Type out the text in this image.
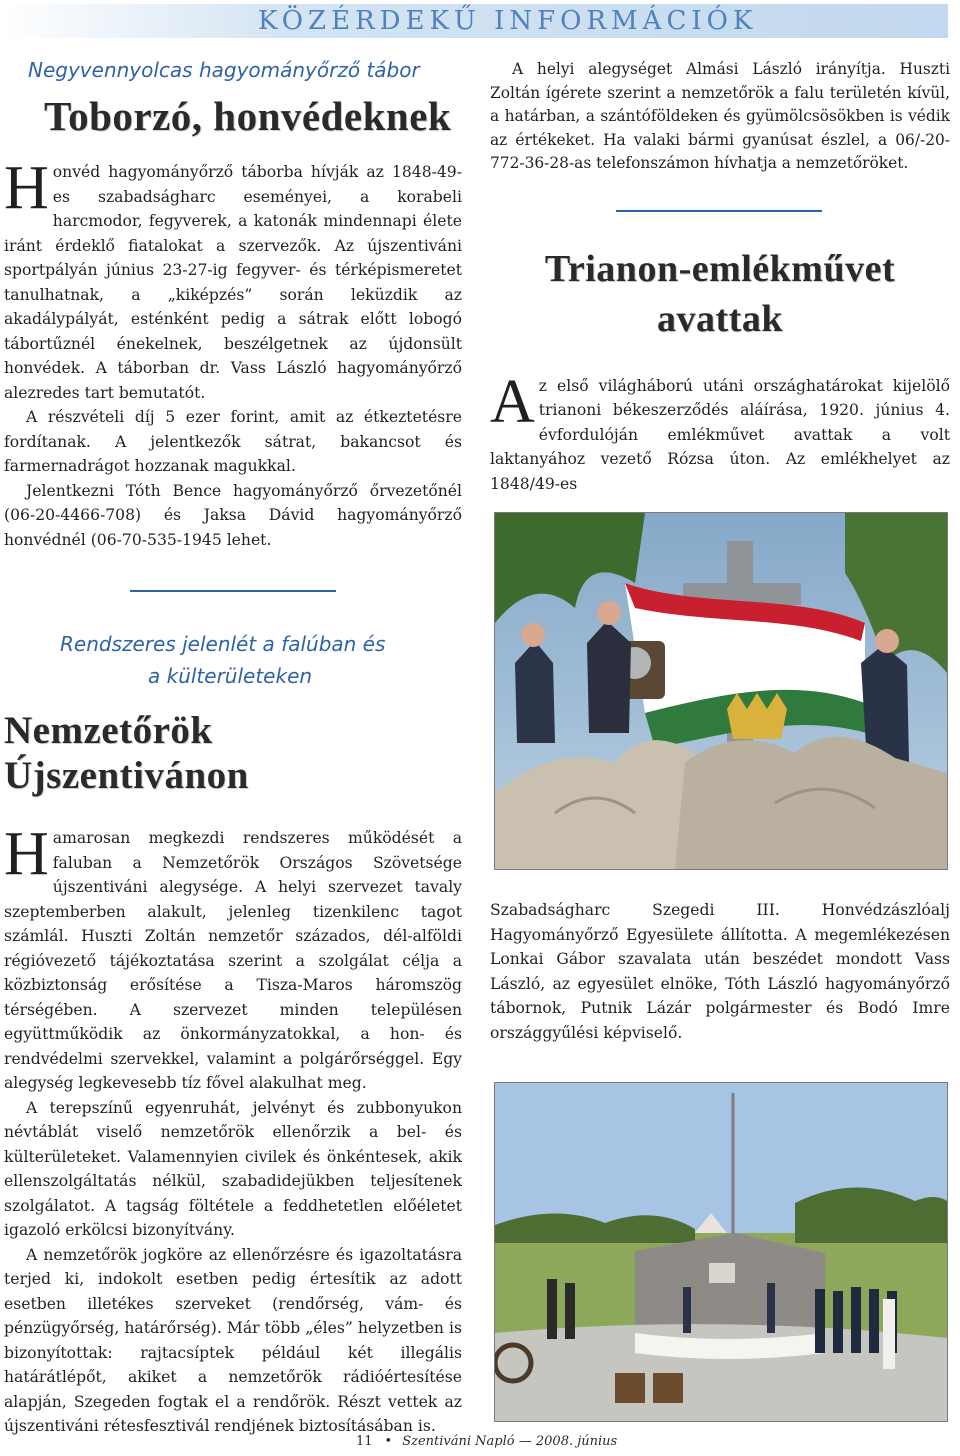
KÖZÉRDEKŰ INFORMÁCIÓK
Negyvennyolcas hagyományőrző tábor
Toborzó, honvédeknek

Honvéd hagyományőrző táborba hívják az 1848-49-es szabadságharc eseményei, a korabeli harcmodor, fegyverek, a katonák mindennapi élete iránt érdeklő fiatalokat a szervezők. Az újszentiváni sportpályán június 23-27-ig fegyver- és térképismeretet tanulhatnak, a „kiképzés” során leküzdik az akadálypályát, esténként pedig a sátrak előtt lobogó tábortűznél énekelnek, beszélgetnek az újdonsült honvédek. A táborban dr. Vass László hagyományőrző alezredes tart bemutatót.

A részvételi díj 5 ezer forint, amit az étkeztetésre fordítanak. A jelentkezők sátrat, bakancsot és farmernadrágot hozzanak magukkal.

Jelentkezni Tóth Bence hagyományőrző őrvezetőnél (06-20-4466-708) és Jaksa Dávid hagyományőrző honvédnél (06-70-535-1945 lehet.

Rendszeres jelenlét a falúban és
a külterületeken
Nemzetőrök Újszentivánon

Hamarosan megkezdi rendszeres működését a faluban a Nemzetőrök Országos Szövetsége újszentiváni alegysége. A helyi szervezet tavaly szeptemberben alakult, jelenleg tizenkilenc tagot számlál. Huszti Zoltán nemzetőr százados, dél-alföldi régióvezető tájékoztatása szerint a szolgálat célja a közbiztonság erősítése a Tisza-Maros háromszög térségében. A szervezet minden településen együttműködik az önkormányzatokkal, a hon- és rendvédelmi szervekkel, valamint a polgárőrséggel. Egy alegység legkevesebb tíz fővel alakulhat meg.

A terepszínű egyenruhát, jelvényt és zubbonyukon névtáblát viselő nemzetőrök ellenőrzik a bel- és külterületeket. Valamennyien civilek és önkéntesek, akik ellenszolgáltatás nélkül, szabadidejükben teljesítenek szolgálatot. A tagság föltétele a feddhetetlen előéletet igazoló erkölcsi bizonyítvány.

A nemzetőrök jogköre az ellenőrzésre és igazoltatásra terjed ki, indokolt esetben pedig értesítik az adott esetben illetékes szerveket (rendőrség, vám- és pénzügyőrség, határőrség). Már több „éles” helyzetben is bizonyítottak: rajtacsíptek például két illegális határátlépőt, akiket a nemzetőrök rádióértesítése alapján, Szegeden fogtak el a rendőrök. Részt vettek az újszentiváni rétesfesztivál rendjének biztosításában is.

A helyi alegységet Almási László irányítja. Huszti Zoltán ígérete szerint a nemzetőrök a falu területén kívül, a határban, a szántóföldeken és gyümölcsösökben is védik az értékeket. Ha valaki bármi gyanúsat észlel, a 06/-20-772-36-28-as telefonszámon hívhatja a nemzetőröket.

Trianon-emlékművet
avattak

Az első világháború utáni országhatárokat kijelölő trianoni békeszerződés aláírása, 1920. június 4. évfordulóján emlékművet avattak a volt laktanyához vezető Rózsa úton. Az emlékhelyet az 1848/49-es

Szabadságharc Szegedi III. Honvédzászlóalj Hagyományőrző Egyesülete állította. A megemlékezésen Lonkai Gábor szavalata után beszédet mondott Vass László, az egyesület elnöke, Tóth László hagyományőrző tábornok, Putnik Lázár polgármester és Bodó Imre országgyűlési képviselő.

11 • Szentiváni Napló — 2008. június
